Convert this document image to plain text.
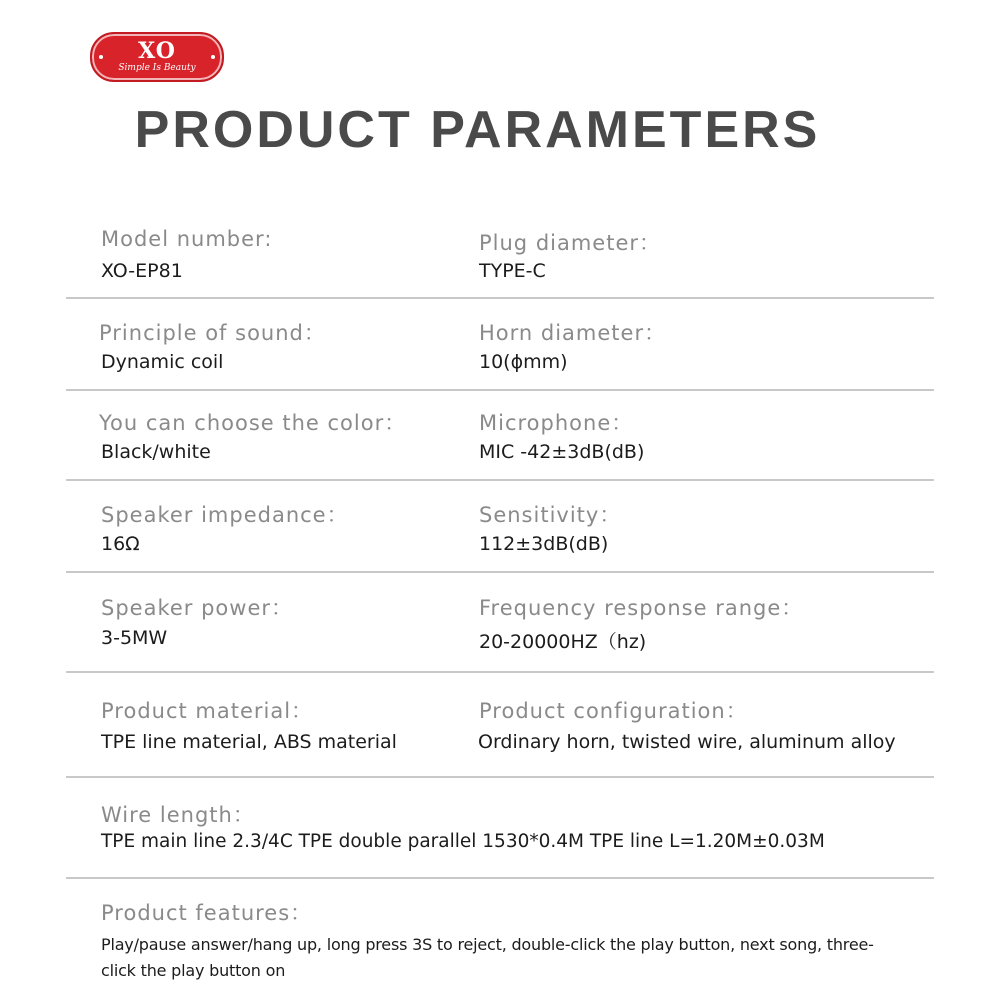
XO
Simple Is Beauty
PRODUCT PARAMETERS
Model number:
XO-EP81
Plug diameter：
TYPE-C
Principle of sound：
Dynamic coil
Horn diameter：
10(ϕmm)
You can choose the color：
Black/white
Microphone：
MIC -42±3dB(dB)
Speaker impedance：
16Ω
Sensitivity：
112±3dB(dB)
Speaker power：
3-5MW
Frequency response range：
20-20000HZ（hz)
Product material：
TPE line material, ABS material
Product configuration：
Ordinary horn, twisted wire, aluminum alloy
Wire length：
TPE main line 2.3/4C TPE double parallel 1530*0.4M TPE line L=1.20M±0.03M
Product features：
Play/pause answer/hang up, long press 3S to reject, double-click the play button, next song, three-click the play button on
